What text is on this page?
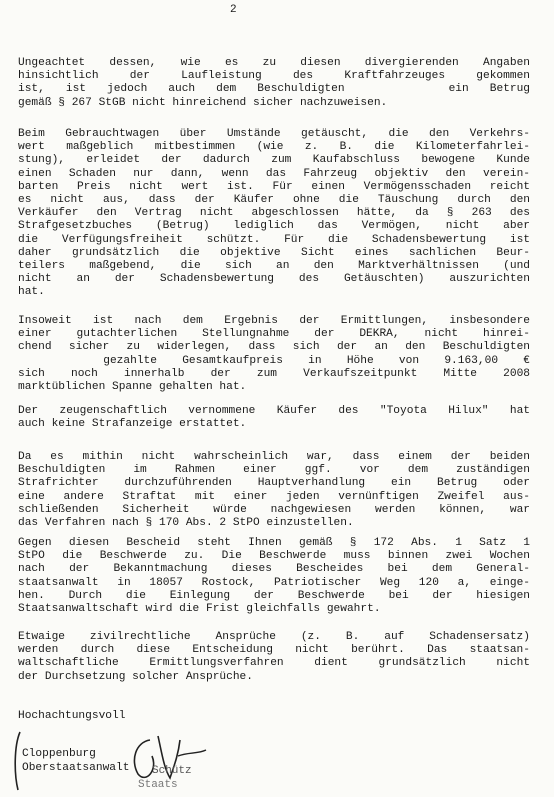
2

Ungeachtet dessen, wie es zu diesen divergierenden Angaben
hinsichtlich der Laufleistung des Kraftfahrzeuges gekommen
ist, ist jedoch auch dem Beschuldigten	ein Betrug
gemäß § 267 StGB nicht hinreichend sicher nachzuweisen.

Beim Gebrauchtwagen über Umstände getäuscht, die den Verkehrs-
wert maßgeblich mitbestimmen (wie z. B. die Kilometerfahrlei-
stung), erleidet der dadurch zum Kaufabschluss bewogene Kunde
einen Schaden nur dann, wenn das Fahrzeug objektiv den verein-
barten Preis nicht wert ist. Für einen Vermögensschaden reicht
es nicht aus, dass der Käufer ohne die Täuschung durch den
Verkäufer den Vertrag nicht abgeschlossen hätte, da § 263 des
Strafgesetzbuches (Betrug) lediglich das Vermögen, nicht aber
die Verfügungsfreiheit schützt. Für die Schadensbewertung ist
daher grundsätzlich die objektive Sicht eines sachlichen Beur-
teilers maßgebend, die sich an den Marktverhältnissen (und
nicht an der Schadensbewertung des Getäuschten) auszurichten
hat.

Insoweit ist nach dem Ergebnis der Ermittlungen, insbesondere
einer gutachterlichen Stellungnahme der DEKRA, nicht hinrei-
chend sicher zu widerlegen, dass sich der an den Beschuldigten
gezahlte Gesamtkaufpreis in Höhe von 9.163,00 €
sich noch innerhalb der zum Verkaufszeitpunkt Mitte 2008
marktüblichen Spanne gehalten hat.

Der zeugenschaftlich vernommene Käufer des "Toyota Hilux" hat
auch keine Strafanzeige erstattet.

Da es mithin nicht wahrscheinlich war, dass einem der beiden
Beschuldigten im Rahmen einer ggf. vor dem zuständigen
Strafrichter durchzuführenden Hauptverhandlung ein Betrug oder
eine andere Straftat mit einer jeden vernünftigen Zweifel aus-
schließenden Sicherheit würde nachgewiesen werden können, war
das Verfahren nach § 170 Abs. 2 StPO einzustellen.

Gegen diesen Bescheid steht Ihnen gemäß § 172 Abs. 1 Satz 1
StPO die Beschwerde zu. Die Beschwerde muss binnen zwei Wochen
nach der Bekanntmachung dieses Bescheides bei dem General-
staatsanwalt in 18057 Rostock, Patriotischer Weg 120 a, einge-
hen. Durch die Einlegung der Beschwerde bei der hiesigen
Staatsanwaltschaft wird die Frist gleichfalls gewahrt.

Etwaige zivilrechtliche Ansprüche (z. B. auf Schadensersatz)
werden durch diese Entscheidung nicht berührt. Das staatsan-
waltschaftliche Ermittlungsverfahren dient grundsätzlich nicht
der Durchsetzung solcher Ansprüche.

Hochachtungsvoll
Cloppenburg
Oberstaatsanwalt Schütz
Staats
